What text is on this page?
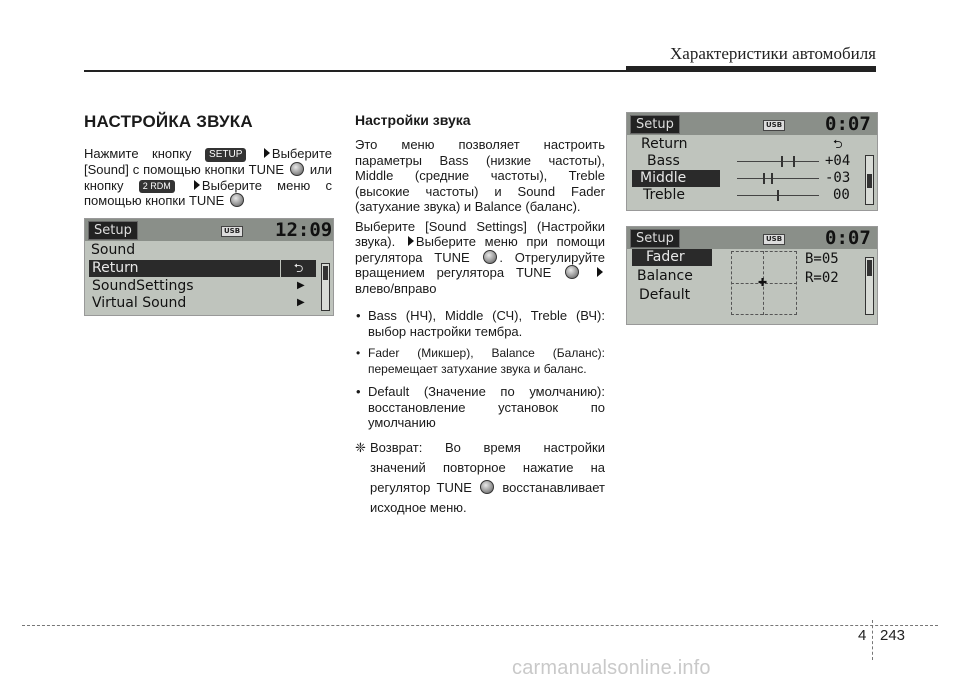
Характеристики автомобиля
НАСТРОЙКА ЗВУКА

Нажмите кнопку SETUP Выберите [Sound] с помощью кнопки TUNE или кнопку 2 RDM Выберите меню с помощью кнопки TUNE

Setup	USB 12:09
Sound
Return	⮌
SoundSettings	▶
Virtual Sound	▶
Настройки звука

Это меню позволяет настроить параметры Bass (низкие частоты), Middle (средние частоты), Treble (высокие частоты) и Sound Fader (затухание звука) и Balance (баланс).

Выберите [Sound Settings] (Настройки звука). Выберите меню при помощи регулятора TUNE . Отрегулируйте вращением регулятора TUNE   влево/вправо

• Bass (НЧ), Middle (СЧ), Treble (ВЧ): выбор настройки тембра.
• Fader (Микшер), Balance (Баланс): перемещает затухание звука и баланс.
• Default (Значение по умолчанию): восстановление установок по умолчанию
❈ Возврат: Во время настройки значений повторное нажатие на регулятор TUNE восстанавливает исходное меню.
Setup	USB 0:07
Return	⮌
Bass	+04
Middle	-03
Treble	00
Setup	USB 0:07
Fader
Balance
Default
✚
B=05
R=02
4 243
carmanualsonline.info
